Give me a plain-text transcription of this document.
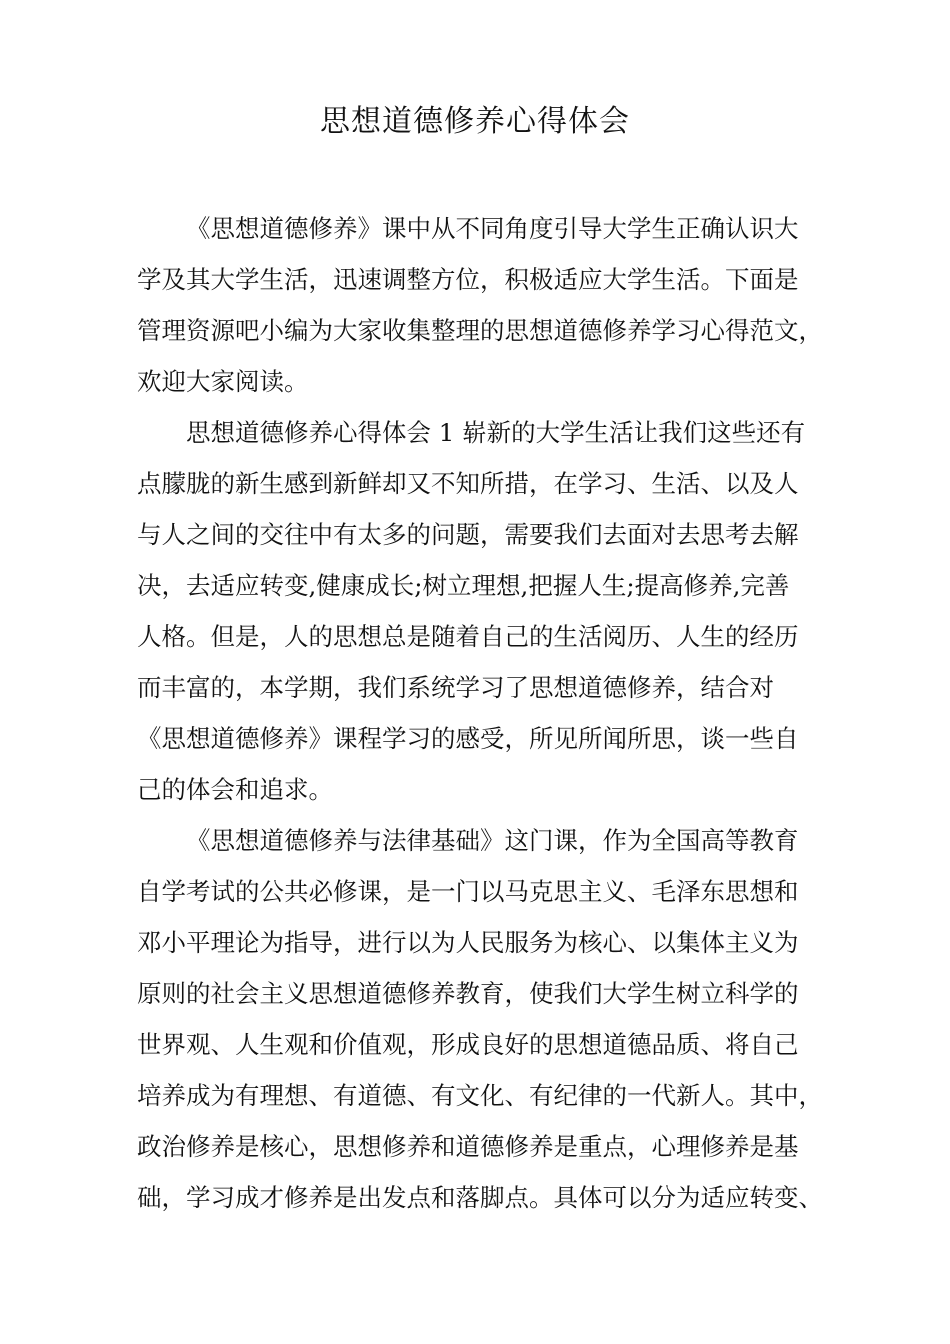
思想道德修养心得体会
《思想道德修养》课中从不同角度引导大学生正确认识大
学及其大学生活，迅速调整方位，积极适应大学生活。下面是
管理资源吧小编为大家收集整理的思想道德修养学习心得范文，
欢迎大家阅读。
思想道德修养心得体会 1 崭新的大学生活让我们这些还有
点朦胧的新生感到新鲜却又不知所措，在学习、生活、以及人
与人之间的交往中有太多的问题，需要我们去面对去思考去解
决，去适应转变,健康成长;树立理想,把握人生;提高修养,完善
人格。但是，人的思想总是随着自己的生活阅历、人生的经历
而丰富的，本学期，我们系统学习了思想道德修养，结合对
《思想道德修养》课程学习的感受，所见所闻所思，谈一些自
己的体会和追求。
《思想道德修养与法律基础》这门课，作为全国高等教育
自学考试的公共必修课，是一门以马克思主义、毛泽东思想和
邓小平理论为指导，进行以为人民服务为核心、以集体主义为
原则的社会主义思想道德修养教育，使我们大学生树立科学的
世界观、人生观和价值观，形成良好的思想道德品质、将自己
培养成为有理想、有道德、有文化、有纪律的一代新人。其中，
政治修养是核心，思想修养和道德修养是重点，心理修养是基
础，学习成才修养是出发点和落脚点。具体可以分为适应转变、
